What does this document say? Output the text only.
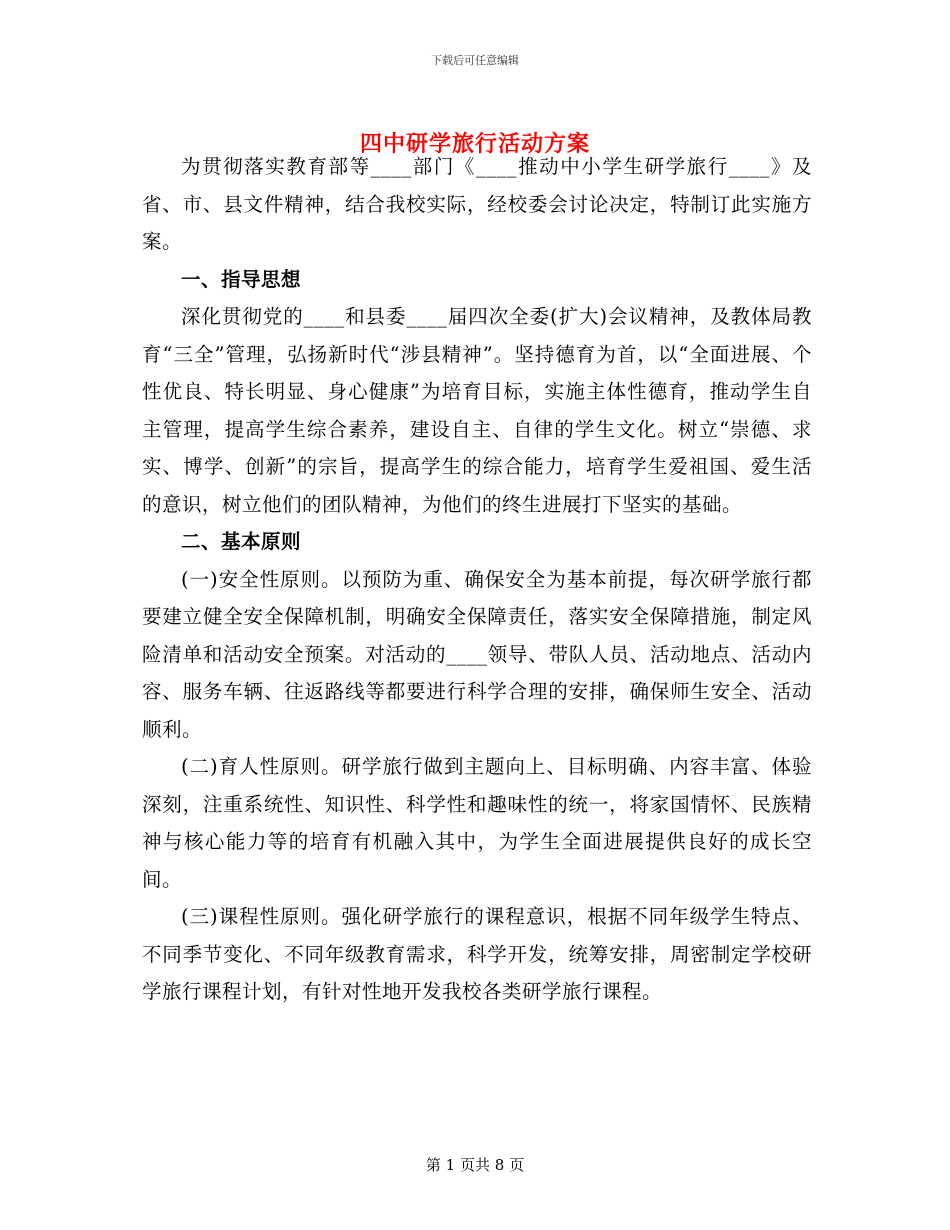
下载后可任意编辑
四中研学旅行活动方案

为贯彻落实教育部等____部门《____推动中小学生研学旅行____》及省、市、县文件精神，结合我校实际，经校委会讨论决定，特制订此实施方案。

一、指导思想

深化贯彻党的____和县委____届四次全委(扩大)会议精神，及教体局教育“三全”管理，弘扬新时代“涉县精神”。坚持德育为首，以“全面进展、个性优良、特长明显、身心健康”为培育目标，实施主体性德育，推动学生自主管理，提高学生综合素养，建设自主、自律的学生文化。树立“崇德、求实、博学、创新”的宗旨，提高学生的综合能力，培育学生爱祖国、爱生活的意识，树立他们的团队精神，为他们的终生进展打下坚实的基础。

二、基本原则

(一)安全性原则。以预防为重、确保安全为基本前提，每次研学旅行都要建立健全安全保障机制，明确安全保障责任，落实安全保障措施，制定风险清单和活动安全预案。对活动的____领导、带队人员、活动地点、活动内容、服务车辆、往返路线等都要进行科学合理的安排，确保师生安全、活动顺利。

(二)育人性原则。研学旅行做到主题向上、目标明确、内容丰富、体验深刻，注重系统性、知识性、科学性和趣味性的统一，将家国情怀、民族精神与核心能力等的培育有机融入其中，为学生全面进展提供良好的成长空间。

(三)课程性原则。强化研学旅行的课程意识，根据不同年级学生特点、不同季节变化、不同年级教育需求，科学开发，统筹安排，周密制定学校研学旅行课程计划，有针对性地开发我校各类研学旅行课程。

第 1 页共 8 页
